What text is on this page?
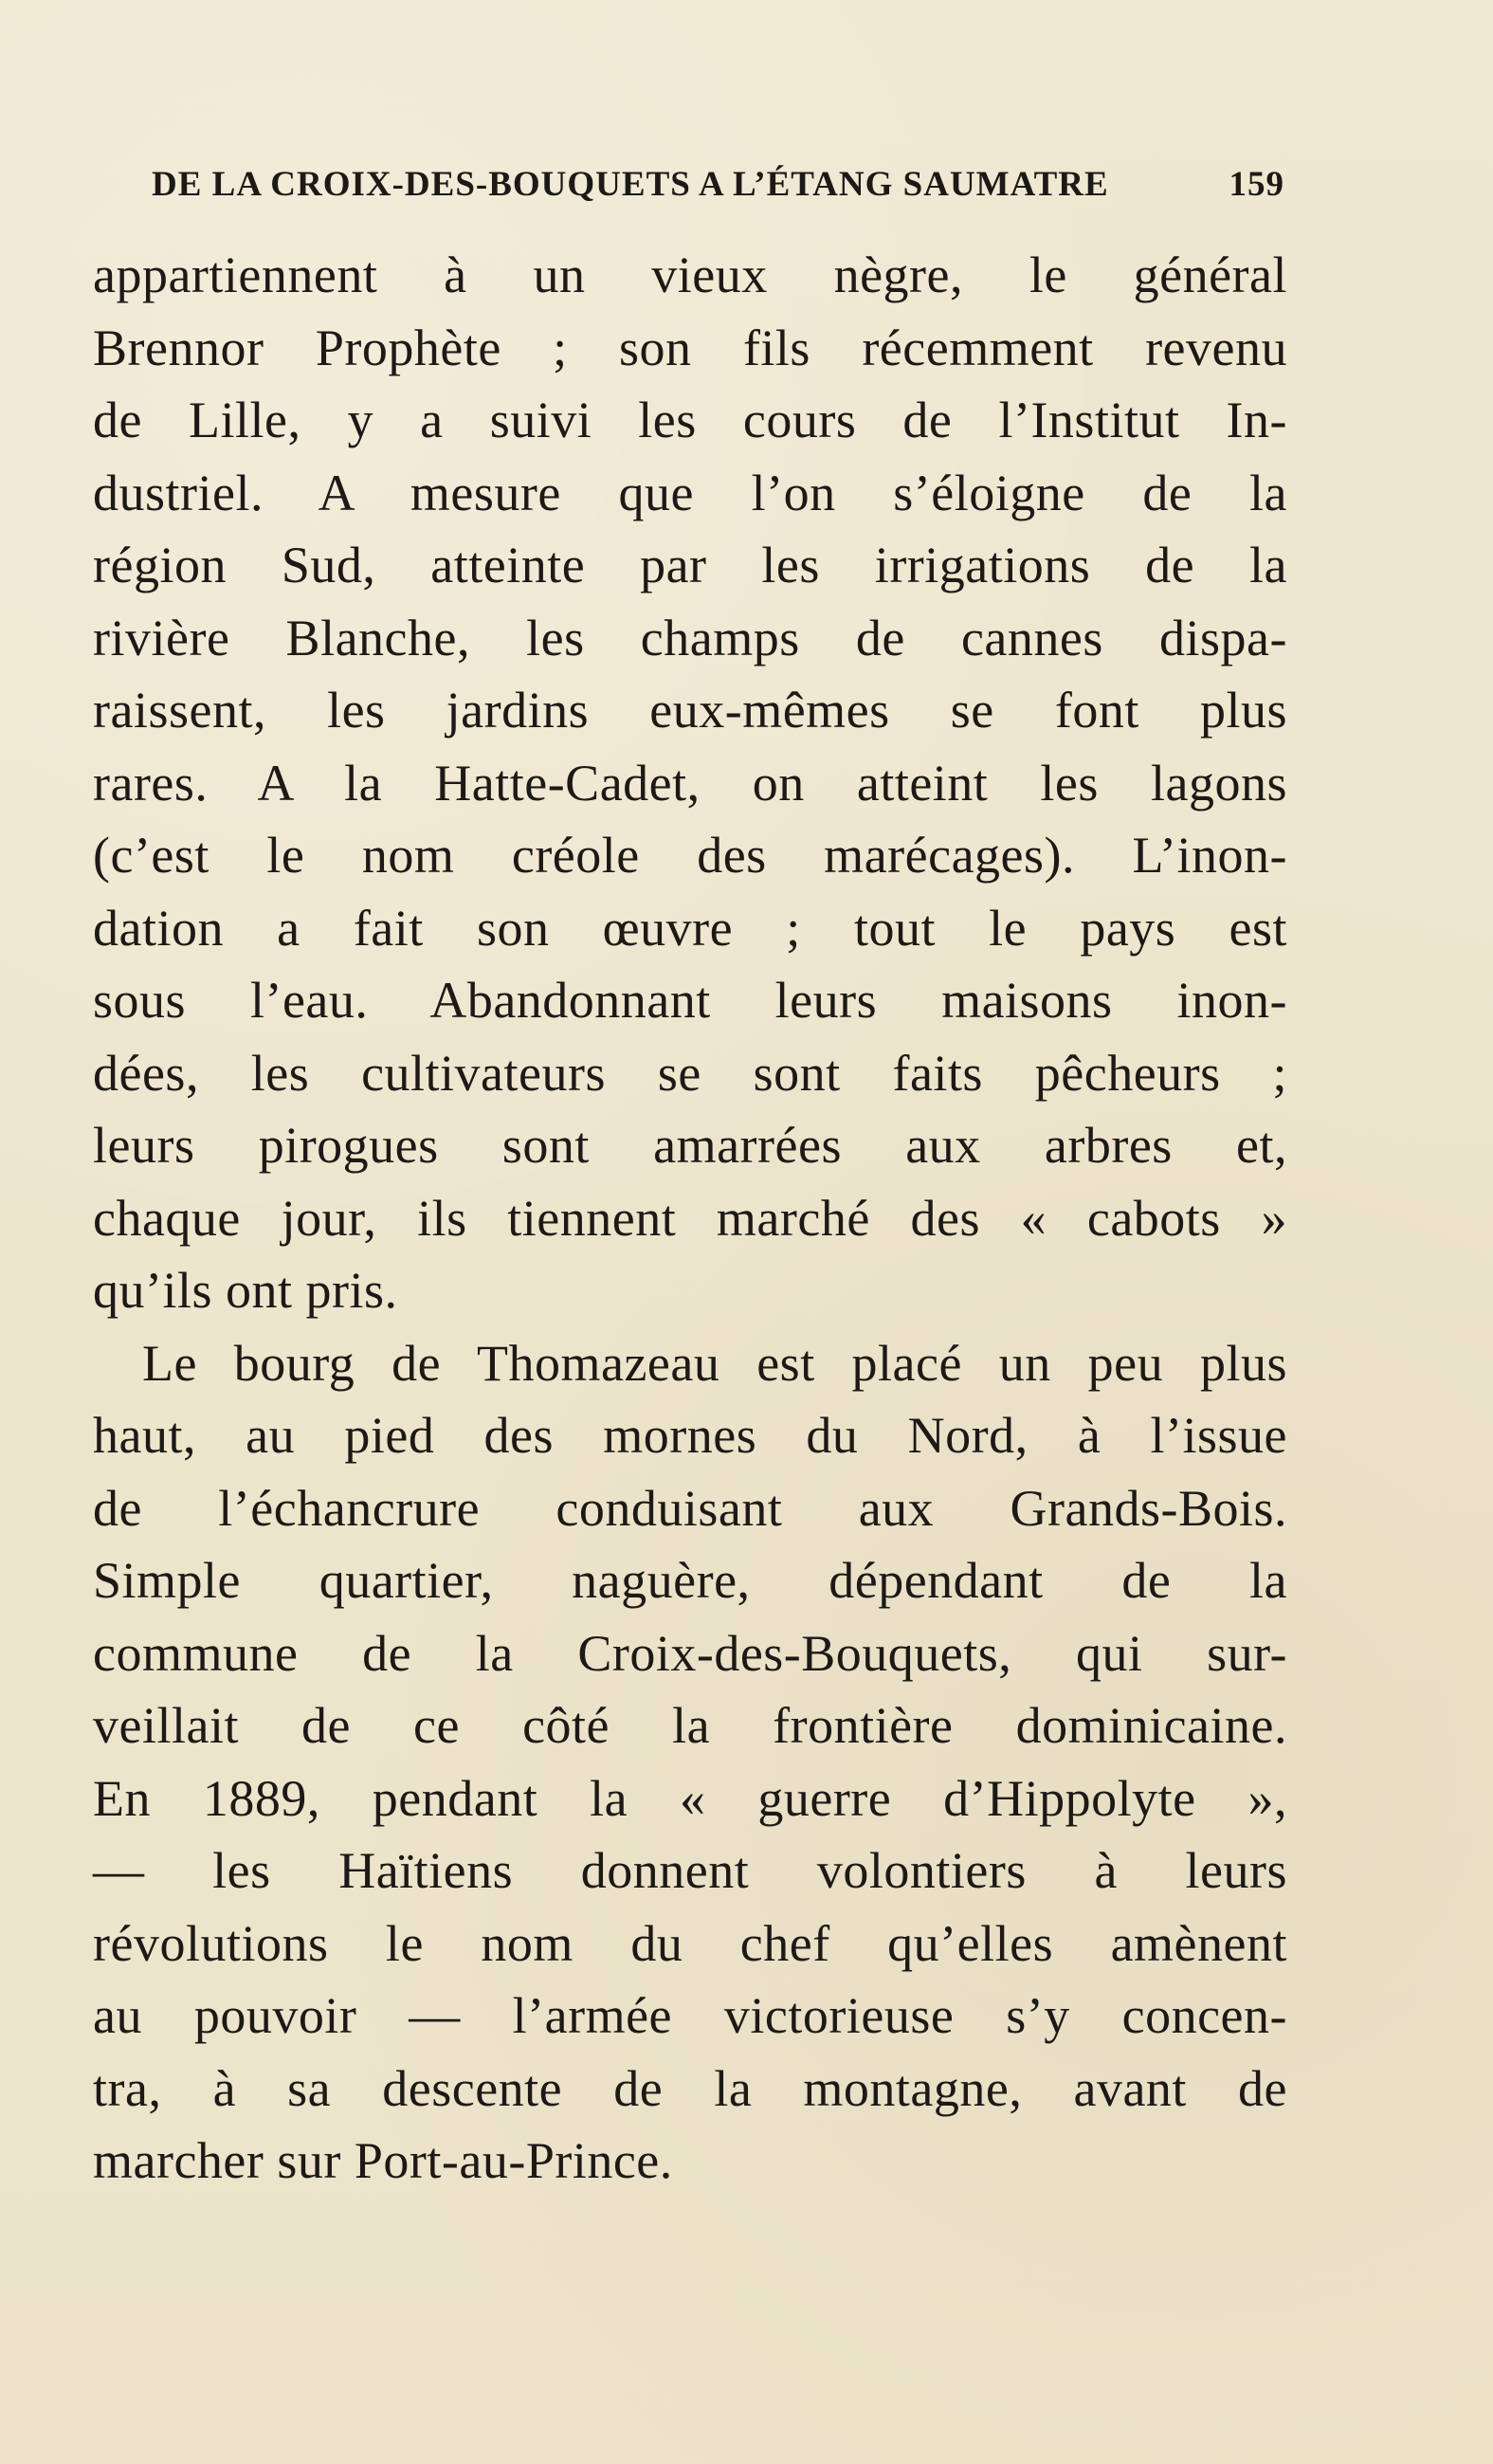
DE LA CROIX-DES-BOUQUETS A L’ÉTANG SAUMATRE	159
appartiennent à un vieux nègre, le général
Brennor Prophète ; son fils récemment revenu
de Lille, y a suivi les cours de l’Institut In-
dustriel. A mesure que l’on s’éloigne de la
région Sud, atteinte par les irrigations de la
rivière Blanche, les champs de cannes dispa-
raissent, les jardins eux-mêmes se font plus
rares. A la Hatte-Cadet, on atteint les lagons
(c’est le nom créole des marécages). L’inon-
dation a fait son œuvre ; tout le pays est
sous l’eau. Abandonnant leurs maisons inon-
dées, les cultivateurs se sont faits pêcheurs ;
leurs pirogues sont amarrées aux arbres et,
chaque jour, ils tiennent marché des « cabots »
qu’ils ont pris.
Le bourg de Thomazeau est placé un peu plus
haut, au pied des mornes du Nord, à l’issue
de l’échancrure conduisant aux Grands-Bois.
Simple quartier, naguère, dépendant de la
commune de la Croix-des-Bouquets, qui sur-
veillait de ce côté la frontière dominicaine.
En 1889, pendant la « guerre d’Hippolyte »,
— les Haïtiens donnent volontiers à leurs
révolutions le nom du chef qu’elles amènent
au pouvoir — l’armée victorieuse s’y concen-
tra, à sa descente de la montagne, avant de
marcher sur Port-au-Prince.
